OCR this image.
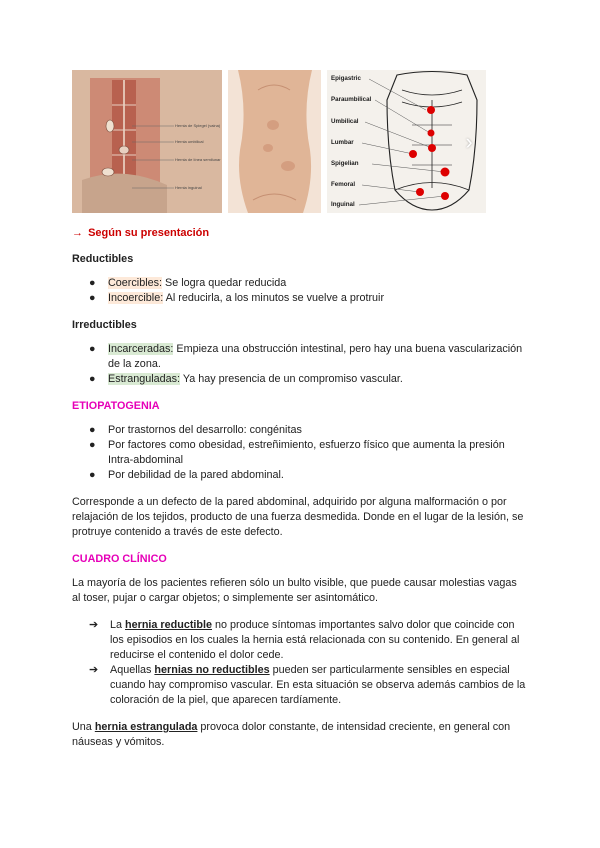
Hernia de Spiegel (vaina)
Hernia umbilical
Hernia de línea semilunar
Hernia inguinal
Epigastric
Paraumbilical
Umbilical
Lumbar
Spigelian
Femoral
Inguinal
›
→ Según su presentación
Reductibles
● Coercibles: Se logra quedar reducida
● Incoercible: Al reducirla, a los minutos se vuelve a protruir
Irreductibles
● Incarceradas: Empieza una obstrucción intestinal, pero hay una buena vascularización de la zona.
● Estranguladas: Ya hay presencia de un compromiso vascular.
ETIOPATOGENIA
● Por trastornos del desarrollo: congénitas
● Por factores como obesidad, estreñimiento, esfuerzo físico que aumenta la presión Intra-abdominal
● Por debilidad de la pared abdominal.

Corresponde a un defecto de la pared abdominal, adquirido por alguna malformación o por relajación de los tejidos, producto de una fuerza desmedida. Donde en el lugar de la lesión, se protruye contenido a través de este defecto.

CUADRO CLÍNICO

La mayoría de los pacientes refieren sólo un bulto visible, que puede causar molestias vagas al toser, pujar o cargar objetos; o simplemente ser asintomático.

➔ La hernia reductible no produce síntomas importantes salvo dolor que coincide con los episodios en los cuales la hernia está relacionada con su contenido. En general al reducirse el contenido el dolor cede.
➔ Aquellas hernias no reductibles pueden ser particularmente sensibles en especial cuando hay compromiso vascular. En esta situación se observa además cambios de la coloración de la piel, que aparecen tardíamente.

Una hernia estrangulada provoca dolor constante, de intensidad creciente, en general con náuseas y vómitos.
